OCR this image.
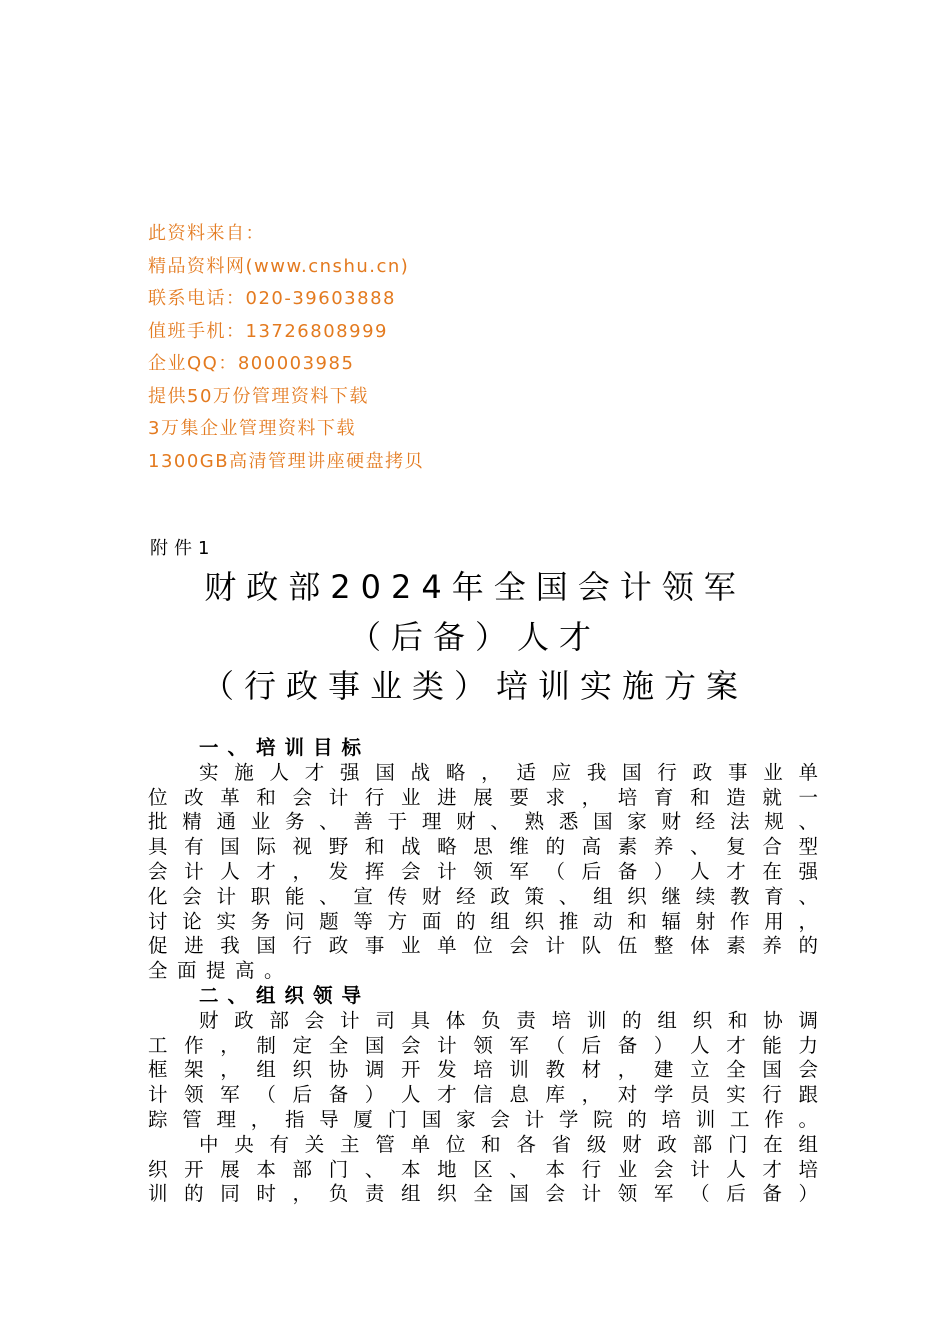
此资料来自：
精品资料网(www.cnshu.cn)
联系电话：020-39603888
值班手机：13726808999
企业QQ：800003985
提供50万份管理资料下载
3万集企业管理资料下载
1300GB高清管理讲座硬盘拷贝
附件1
财政部2024年全国会计领军
（后备）人才
（行政事业类）培训实施方案
一、培训目标
实施人才强国战略，适应我国行政事业单
位改革和会计行业进展要求，培育和造就一
批精通业务、善于理财、熟悉国家财经法规、
具有国际视野和战略思维的高素养、复合型
会计人才，发挥会计领军（后备）人才在强
化会计职能、宣传财经政策、组织继续教育、
讨论实务问题等方面的组织推动和辐射作用，
促进我国行政事业单位会计队伍整体素养的
全面提高。
二、组织领导
财政部会计司具体负责培训的组织和协调
工作，制定全国会计领军（后备）人才能力
框架，组织协调开发培训教材，建立全国会
计领军（后备）人才信息库，对学员实行跟
踪管理，指导厦门国家会计学院的培训工作。
中央有关主管单位和各省级财政部门在组
织开展本部门、本地区、本行业会计人才培
训的同时，负责组织全国会计领军（后备）
